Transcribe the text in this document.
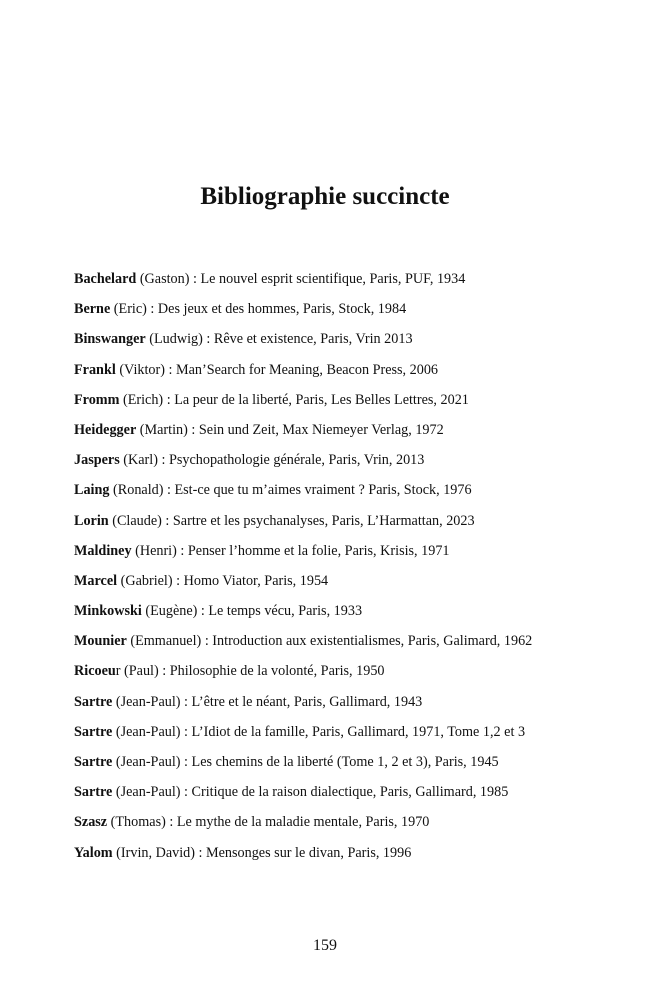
Bibliographie succincte
Bachelard (Gaston) : Le nouvel esprit scientifique, Paris, PUF, 1934
Berne (Eric) : Des jeux et des hommes, Paris, Stock, 1984
Binswanger (Ludwig) : Rêve et existence, Paris, Vrin 2013
Frankl (Viktor) : Man’Search for Meaning, Beacon Press, 2006
Fromm (Erich) : La peur de la liberté, Paris, Les Belles Lettres, 2021
Heidegger (Martin) : Sein und Zeit, Max Niemeyer Verlag, 1972
Jaspers (Karl) : Psychopathologie générale, Paris, Vrin, 2013
Laing (Ronald) : Est-ce que tu m’aimes vraiment ? Paris, Stock, 1976
Lorin (Claude) : Sartre et les psychanalyses, Paris, L’Harmattan, 2023
Maldiney (Henri) : Penser l’homme et la folie, Paris, Krisis, 1971
Marcel (Gabriel) : Homo Viator, Paris, 1954
Minkowski (Eugène) : Le temps vécu, Paris, 1933
Mounier (Emmanuel) : Introduction aux existentialismes, Paris, Galimard, 1962
Ricoeur (Paul) : Philosophie de la volonté, Paris, 1950
Sartre (Jean-Paul) : L’être et le néant, Paris, Gallimard, 1943
Sartre (Jean-Paul) : L’Idiot de la famille, Paris, Gallimard, 1971, Tome 1,2 et 3
Sartre (Jean-Paul) : Les chemins de la liberté (Tome 1, 2 et 3), Paris, 1945
Sartre (Jean-Paul) : Critique de la raison dialectique, Paris, Gallimard, 1985
Szasz (Thomas) : Le mythe de la maladie mentale, Paris, 1970
Yalom (Irvin, David) : Mensonges sur le divan, Paris, 1996
159
